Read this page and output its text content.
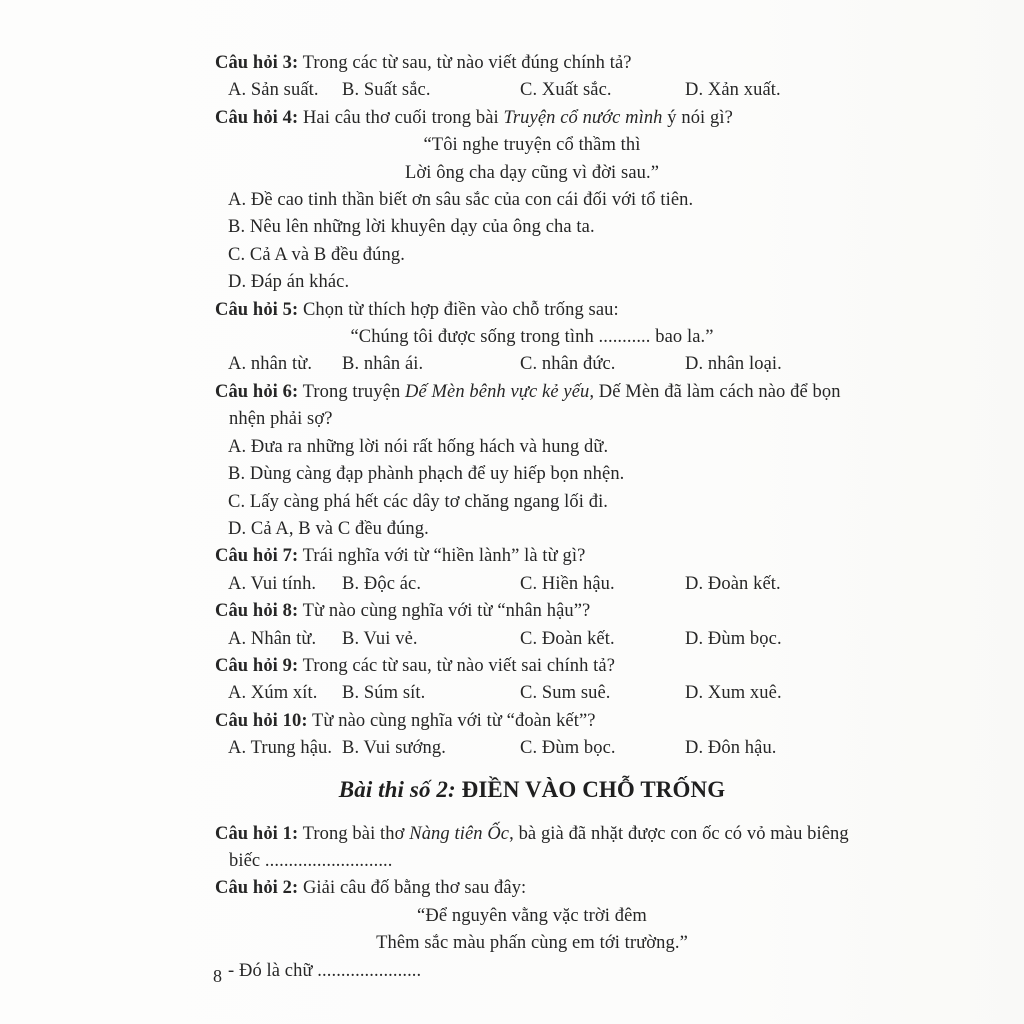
Câu hỏi 3: Trong các từ sau, từ nào viết đúng chính tả?
A. Sản suất.	B. Suất sắc.	C. Xuất sắc.	D. Xản xuất.
Câu hỏi 4: Hai câu thơ cuối trong bài Truyện cổ nước mình ý nói gì?
“Tôi nghe truyện cổ thầm thì
Lời ông cha dạy cũng vì đời sau.”
A. Đề cao tinh thần biết ơn sâu sắc của con cái đối với tổ tiên.
B. Nêu lên những lời khuyên dạy của ông cha ta.
C. Cả A và B đều đúng.
D. Đáp án khác.
Câu hỏi 5: Chọn từ thích hợp điền vào chỗ trống sau:
“Chúng tôi được sống trong tình ........... bao la.”
A. nhân từ.	B. nhân ái.	C. nhân đức.	D. nhân loại.
Câu hỏi 6: Trong truyện Dế Mèn bênh vực kẻ yếu, Dế Mèn đã làm cách nào để bọn nhện phải sợ?
A. Đưa ra những lời nói rất hống hách và hung dữ.
B. Dùng càng đạp phành phạch để uy hiếp bọn nhện.
C. Lấy càng phá hết các dây tơ chăng ngang lối đi.
D. Cả A, B và C đều đúng.
Câu hỏi 7: Trái nghĩa với từ “hiền lành” là từ gì?
A. Vui tính.	B. Độc ác.	C. Hiền hậu.	D. Đoàn kết.
Câu hỏi 8: Từ nào cùng nghĩa với từ “nhân hậu”?
A. Nhân từ.	B. Vui vẻ.	C. Đoàn kết.	D. Đùm bọc.
Câu hỏi 9: Trong các từ sau, từ nào viết sai chính tả?
A. Xúm xít.	B. Súm sít.	C. Sum suê.	D. Xum xuê.
Câu hỏi 10: Từ nào cùng nghĩa với từ “đoàn kết”?
A. Trung hậu. B. Vui sướng.	C. Đùm bọc.	D. Đôn hậu.
Bài thi số 2: ĐIỀN VÀO CHỖ TRỐNG
Câu hỏi 1: Trong bài thơ Nàng tiên Ốc, bà già đã nhặt được con ốc có vỏ màu biêng biếc ...........................
Câu hỏi 2: Giải câu đố bằng thơ sau đây:
“Để nguyên vằng vặc trời đêm
Thêm sắc màu phấn cùng em tới trường.”
- Đó là chữ ......................
8
